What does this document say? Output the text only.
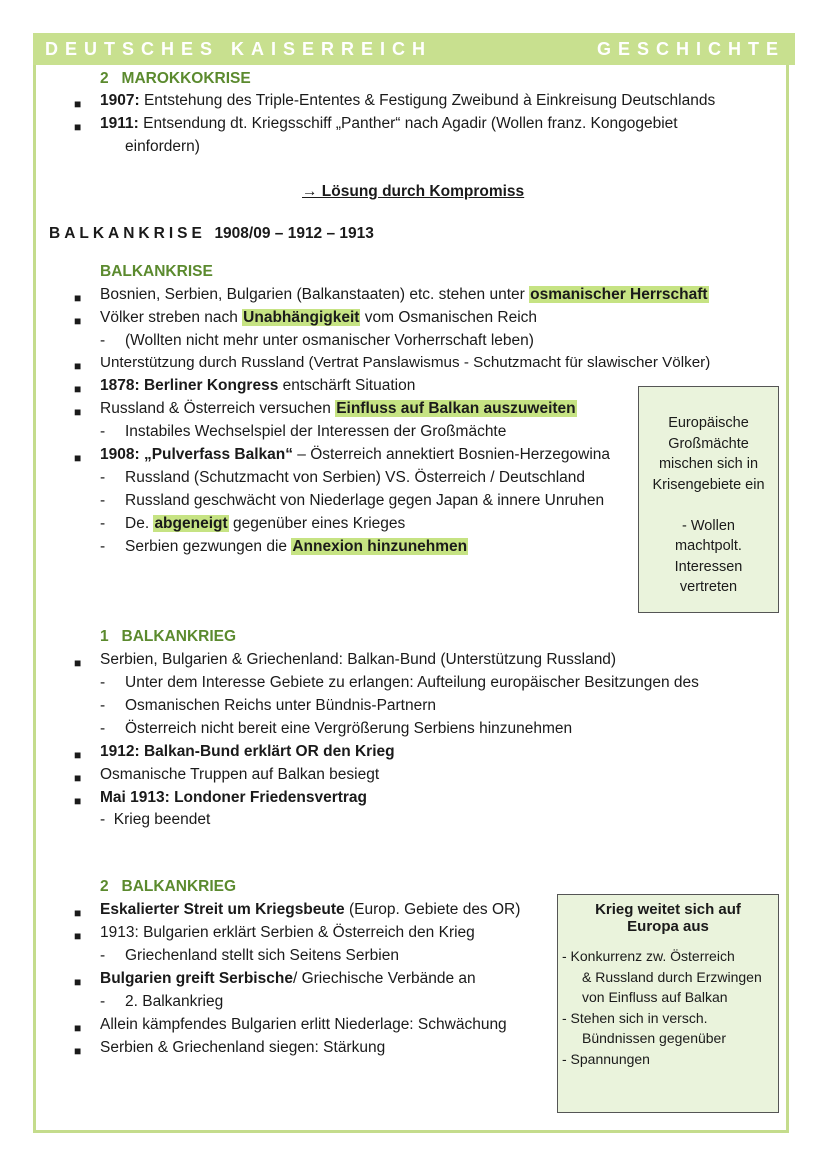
DEUTSCHES KAISERREICH	GESCHICHTE
2   MAROKKOKRISE
■ 1907: Entstehung des Triple-Ententes & Festigung Zweibund à Einkreisung Deutschlands
■ 1911: Entsendung dt. Kriegsschiff „Panther“ nach Agadir (Wollen franz. Kongogebiet
einfordern)
→ Lösung durch Kompromiss
BALKANKRISE 1908/09 – 1912 – 1913
BALKANKRISE
■ Bosnien, Serbien, Bulgarien (Balkanstaaten) etc. stehen unter osmanischer Herrschaft
■ Völker streben nach Unabhängigkeit vom Osmanischen Reich
- (Wollten nicht mehr unter osmanischer Vorherrschaft leben)
■ Unterstützung durch Russland (Vertrat Panslawismus - Schutzmacht für slawischer Völker)
■ 1878: Berliner Kongress entschärft Situation
■ Russland & Österreich versuchen Einfluss auf Balkan auszuweiten
- Instabiles Wechselspiel der Interessen der Großmächte
■ 1908: „Pulverfass Balkan“ – Österreich annektiert Bosnien-Herzegowina
- Russland (Schutzmacht von Serbien) VS. Österreich / Deutschland
- Russland geschwächt von Niederlage gegen Japan & innere Unruhen
- De. abgeneigt gegenüber eines Krieges
- Serbien gezwungen die Annexion hinzunehmen
Europäische
Großmächte
mischen sich in
Krisengebiete ein

- Wollen
machtpolt.
Interessen
vertreten
1   BALKANKRIEG
■ Serbien, Bulgarien & Griechenland: Balkan-Bund (Unterstützung Russland)
- Unter dem Interesse Gebiete zu erlangen: Aufteilung europäischer Besitzungen des
- Osmanischen Reichs unter Bündnis-Partnern
- Österreich nicht bereit eine Vergrößerung Serbiens hinzunehmen
■ 1912: Balkan-Bund erklärt OR den Krieg
■ Osmanische Truppen auf Balkan besiegt
■ Mai 1913: Londoner Friedensvertrag
-  Krieg beendet
2   BALKANKRIEG
■ Eskalierter Streit um Kriegsbeute (Europ. Gebiete des OR)
■ 1913: Bulgarien erklärt Serbien & Österreich den Krieg
- Griechenland stellt sich Seitens Serbien
■ Bulgarien greift Serbische/ Griechische Verbände an
- 2. Balkankrieg
■ Allein kämpfendes Bulgarien erlitt Niederlage: Schwächung
■ Serbien & Griechenland siegen: Stärkung
Krieg weitet sich auf
Europa aus
- Konkurrenz zw. Österreich
& Russland durch Erzwingen
von Einfluss auf Balkan
- Stehen sich in versch.
Bündnissen gegenüber
- Spannungen
